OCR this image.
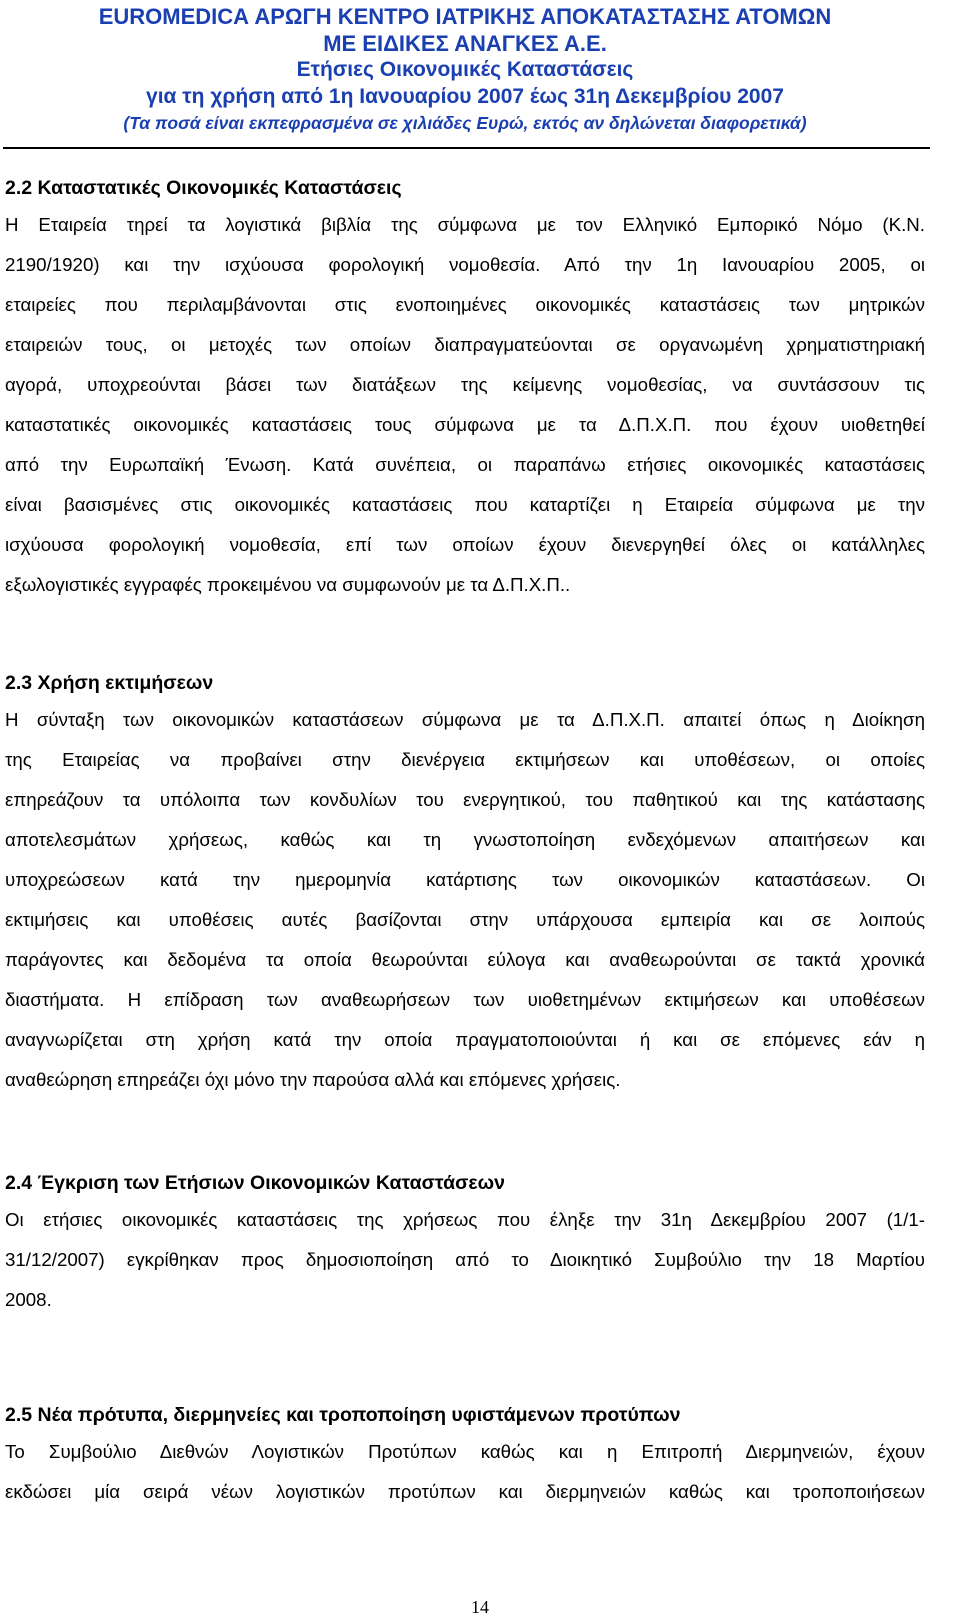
EUROMEDICA ΑΡΩΓΗ ΚΕΝΤΡΟ ΙΑΤΡΙΚΗΣ ΑΠΟΚΑΤΑΣΤΑΣΗΣ ΑΤΟΜΩΝ
ΜΕ ΕΙΔΙΚΕΣ ΑΝΑΓΚΕΣ Α.Ε.
Ετήσιες Οικονομικές Καταστάσεις
για τη χρήση από 1η Ιανουαρίου 2007 έως 31η Δεκεμβρίου 2007
(Τα ποσά είναι εκπεφρασμένα σε χιλιάδες Ευρώ, εκτός αν δηλώνεται διαφορετικά)
2.2 Καταστατικές Οικονομικές Καταστάσεις
Η Εταιρεία τηρεί τα λογιστικά βιβλία της σύμφωνα με τον Ελληνικό Εμπορικό Νόμο (Κ.Ν.
2190/1920) και την ισχύουσα φορολογική νομοθεσία. Από την 1η Ιανουαρίου 2005, οι
εταιρείες που περιλαμβάνονται στις ενοποιημένες οικονομικές καταστάσεις των μητρικών
εταιρειών τους, οι μετοχές των οποίων διαπραγματεύονται σε οργανωμένη χρηματιστηριακή
αγορά, υποχρεούνται βάσει των διατάξεων της κείμενης νομοθεσίας, να συντάσσουν τις
καταστατικές οικονομικές καταστάσεις τους σύμφωνα με τα Δ.Π.Χ.Π. που έχουν υιοθετηθεί
από την Ευρωπαϊκή Ένωση. Κατά συνέπεια, οι παραπάνω ετήσιες οικονομικές καταστάσεις
είναι βασισμένες στις οικονομικές καταστάσεις που καταρτίζει η Εταιρεία σύμφωνα με την
ισχύουσα φορολογική νομοθεσία, επί των οποίων έχουν διενεργηθεί όλες οι κατάλληλες
εξωλογιστικές εγγραφές προκειμένου να συμφωνούν με τα Δ.Π.Χ.Π..
2.3 Χρήση εκτιμήσεων
Η σύνταξη των οικονομικών καταστάσεων σύμφωνα με τα Δ.Π.Χ.Π. απαιτεί όπως η Διοίκηση
της Εταιρείας να προβαίνει στην διενέργεια εκτιμήσεων και υποθέσεων, οι οποίες
επηρεάζουν τα υπόλοιπα των κονδυλίων του ενεργητικού, του παθητικού και της κατάστασης
αποτελεσμάτων χρήσεως, καθώς και τη γνωστοποίηση ενδεχόμενων απαιτήσεων και
υποχρεώσεων κατά την ημερομηνία κατάρτισης των οικονομικών καταστάσεων. Οι
εκτιμήσεις και υποθέσεις αυτές βασίζονται στην υπάρχουσα εμπειρία και σε λοιπούς
παράγοντες και δεδομένα τα οποία θεωρούνται εύλογα και αναθεωρούνται σε τακτά χρονικά
διαστήματα. Η επίδραση των αναθεωρήσεων των υιοθετημένων εκτιμήσεων και υποθέσεων
αναγνωρίζεται στη χρήση κατά την οποία πραγματοποιούνται ή και σε επόμενες εάν η
αναθεώρηση επηρεάζει όχι μόνο την παρούσα αλλά και επόμενες χρήσεις.
2.4 Έγκριση των Ετήσιων Οικονομικών Καταστάσεων
Οι ετήσιες οικονομικές καταστάσεις της χρήσεως που έληξε την 31η Δεκεμβρίου 2007 (1/1-
31/12/2007) εγκρίθηκαν προς δημοσιοποίηση από το Διοικητικό Συμβούλιο την 18 Μαρτίου
2008.
2.5 Νέα πρότυπα, διερμηνείες και τροποποίηση υφιστάμενων προτύπων
Το Συμβούλιο Διεθνών Λογιστικών Προτύπων καθώς και η Επιτροπή Διερμηνειών, έχουν
εκδώσει μία σειρά νέων λογιστικών προτύπων και διερμηνειών καθώς και τροποποιήσεων
14
